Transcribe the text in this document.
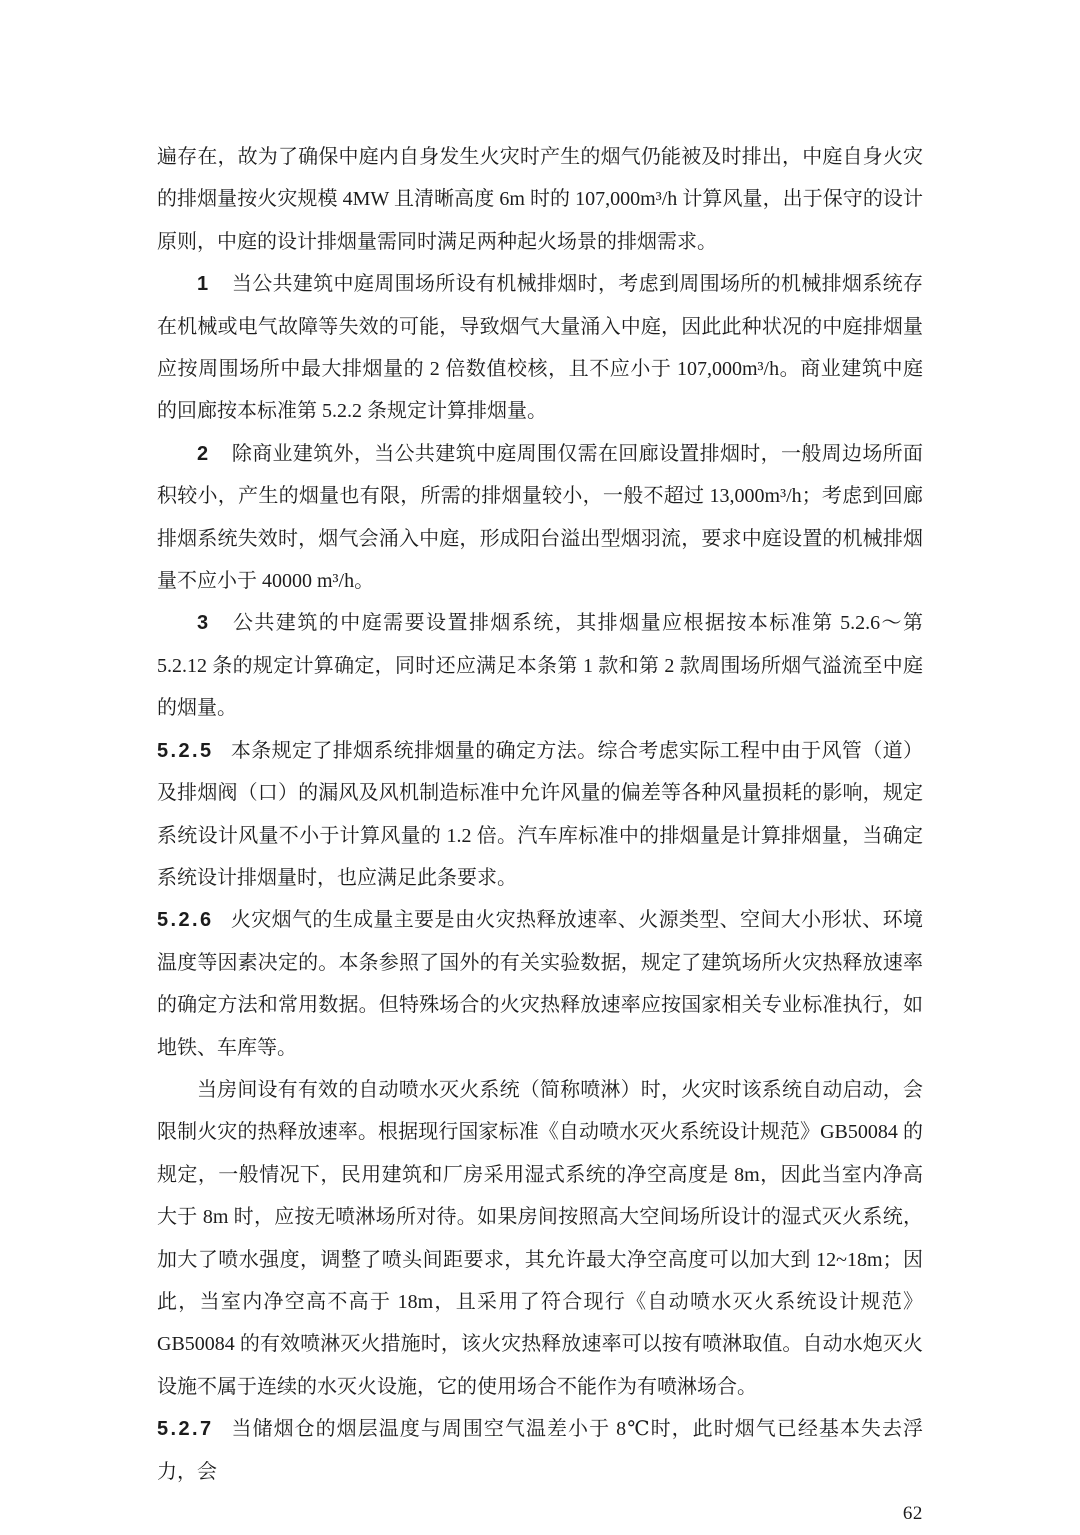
遍存在，故为了确保中庭内自身发生火灾时产生的烟气仍能被及时排出，中庭自身火灾的排烟量按火灾规模 4MW 且清晰高度 6m 时的 107,000m³/h 计算风量，出于保守的设计原则，中庭的设计排烟量需同时满足两种起火场景的排烟需求。

1 当公共建筑中庭周围场所设有机械排烟时，考虑到周围场所的机械排烟系统存在机械或电气故障等失效的可能，导致烟气大量涌入中庭，因此此种状况的中庭排烟量应按周围场所中最大排烟量的 2 倍数值校核，且不应小于 107,000m³/h。商业建筑中庭的回廊按本标准第 5.2.2 条规定计算排烟量。

2 除商业建筑外，当公共建筑中庭周围仅需在回廊设置排烟时，一般周边场所面积较小，产生的烟量也有限，所需的排烟量较小，一般不超过 13,000m³/h；考虑到回廊排烟系统失效时，烟气会涌入中庭，形成阳台溢出型烟羽流，要求中庭设置的机械排烟量不应小于 40000 m³/h。

3 公共建筑的中庭需要设置排烟系统，其排烟量应根据按本标准第 5.2.6～第 5.2.12 条的规定计算确定，同时还应满足本条第 1 款和第 2 款周围场所烟气溢流至中庭的烟量。

5.2.5 本条规定了排烟系统排烟量的确定方法。综合考虑实际工程中由于风管（道）及排烟阀（口）的漏风及风机制造标准中允许风量的偏差等各种风量损耗的影响，规定系统设计风量不小于计算风量的 1.2 倍。汽车库标准中的排烟量是计算排烟量，当确定系统设计排烟量时，也应满足此条要求。

5.2.6 火灾烟气的生成量主要是由火灾热释放速率、火源类型、空间大小形状、环境温度等因素决定的。本条参照了国外的有关实验数据，规定了建筑场所火灾热释放速率的确定方法和常用数据。但特殊场合的火灾热释放速率应按国家相关专业标准执行，如地铁、车库等。

当房间设有有效的自动喷水灭火系统（简称喷淋）时，火灾时该系统自动启动，会限制火灾的热释放速率。根据现行国家标准《自动喷水灭火系统设计规范》GB50084 的规定，一般情况下，民用建筑和厂房采用湿式系统的净空高度是 8m，因此当室内净高大于 8m 时，应按无喷淋场所对待。如果房间按照高大空间场所设计的湿式灭火系统，加大了喷水强度，调整了喷头间距要求，其允许最大净空高度可以加大到 12~18m；因此，当室内净空高不高于 18m，且采用了符合现行《自动喷水灭火系统设计规范》GB50084 的有效喷淋灭火措施时，该火灾热释放速率可以按有喷淋取值。自动水炮灭火设施不属于连续的水灭火设施，它的使用场合不能作为有喷淋场合。

5.2.7 当储烟仓的烟层温度与周围空气温差小于 8℃时，此时烟气已经基本失去浮力，会

62
